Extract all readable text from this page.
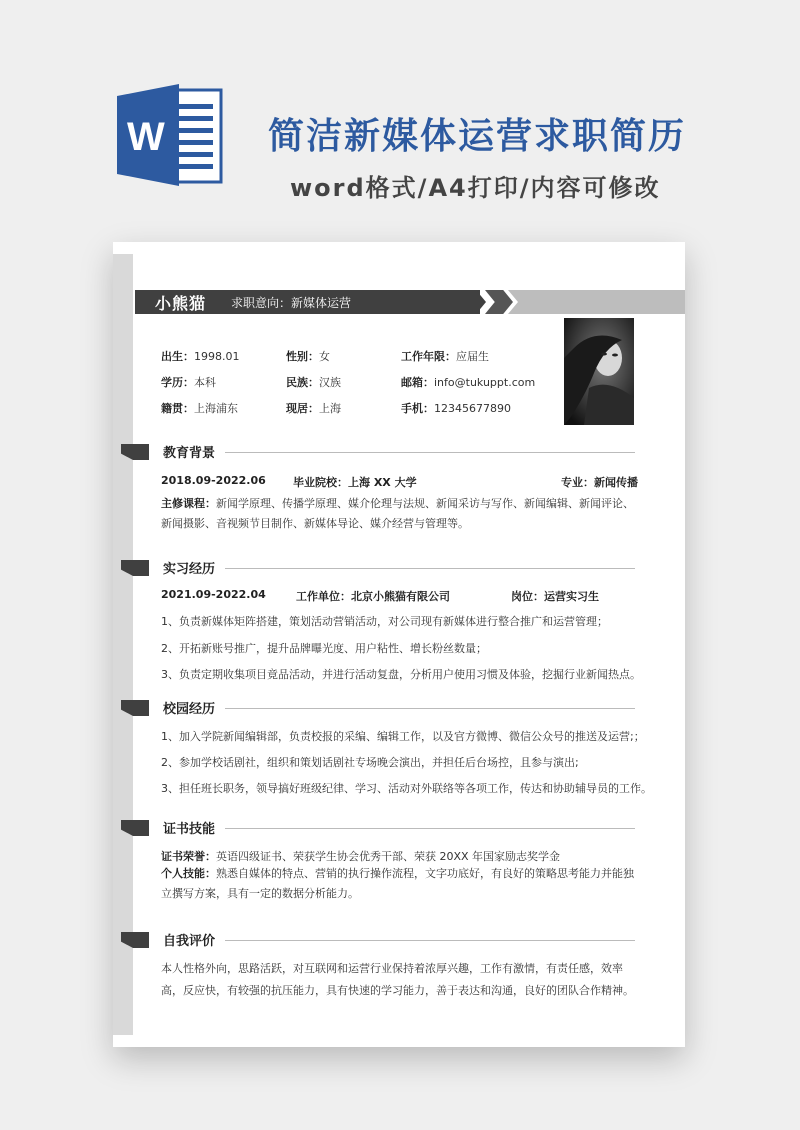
W	简洁新媒体运营求职简历
word格式/A4打印/内容可修改
小熊猫	求职意向： 新媒体运营
出生：1998.01	性别：女	工作年限：应届生
学历：本科	民族：汉族	邮箱：info@tukuppt.com
籍贯：上海浦东	现居：上海	手机：12345677890
教育背景
2018.09-2022.06 毕业院校：上海 XX 大学	专业：新闻传播
主修课程：新闻学原理、传播学原理、媒介伦理与法规、新闻采访与写作、新闻编辑、新闻评论、新闻摄影、音视频节目制作、新媒体导论、媒介经营与管理等。
实习经历
2021.09-2022.04	工作单位：北京小熊猫有限公司	岗位：运营实习生
1、负责新媒体矩阵搭建，策划活动营销活动，对公司现有新媒体进行整合推广和运营管理；
2、开拓新账号推广，提升品牌曝光度、用户粘性、增长粉丝数量；
3、负责定期收集项目竟品活动，并进行活动复盘，分析用户使用习惯及体验，挖掘行业新闻热点。
校园经历
1、加入学院新闻编辑部，负责校报的采编、编辑工作，以及官方微博、微信公众号的推送及运营;；
2、参加学校话剧社，组织和策划话剧社专场晚会演出，并担任后台场控，且参与演出;
3、担任班长职务，领导搞好班级纪律、学习、活动对外联络等各项工作，传达和协助辅导员的工作。
证书技能
证书荣誉：英语四级证书、荣获学生协会优秀干部、荣获 20XX 年国家励志奖学金
个人技能：熟悉自媒体的特点、营销的执行操作流程，文字功底好，有良好的策略思考能力并能独立撰写方案，具有一定的数据分析能力。
自我评价
本人性格外向，思路活跃，对互联网和运营行业保持着浓厚兴趣，工作有激情，有责任感，效率高，反应快，有较强的抗压能力，具有快速的学习能力，善于表达和沟通，良好的团队合作精神。
